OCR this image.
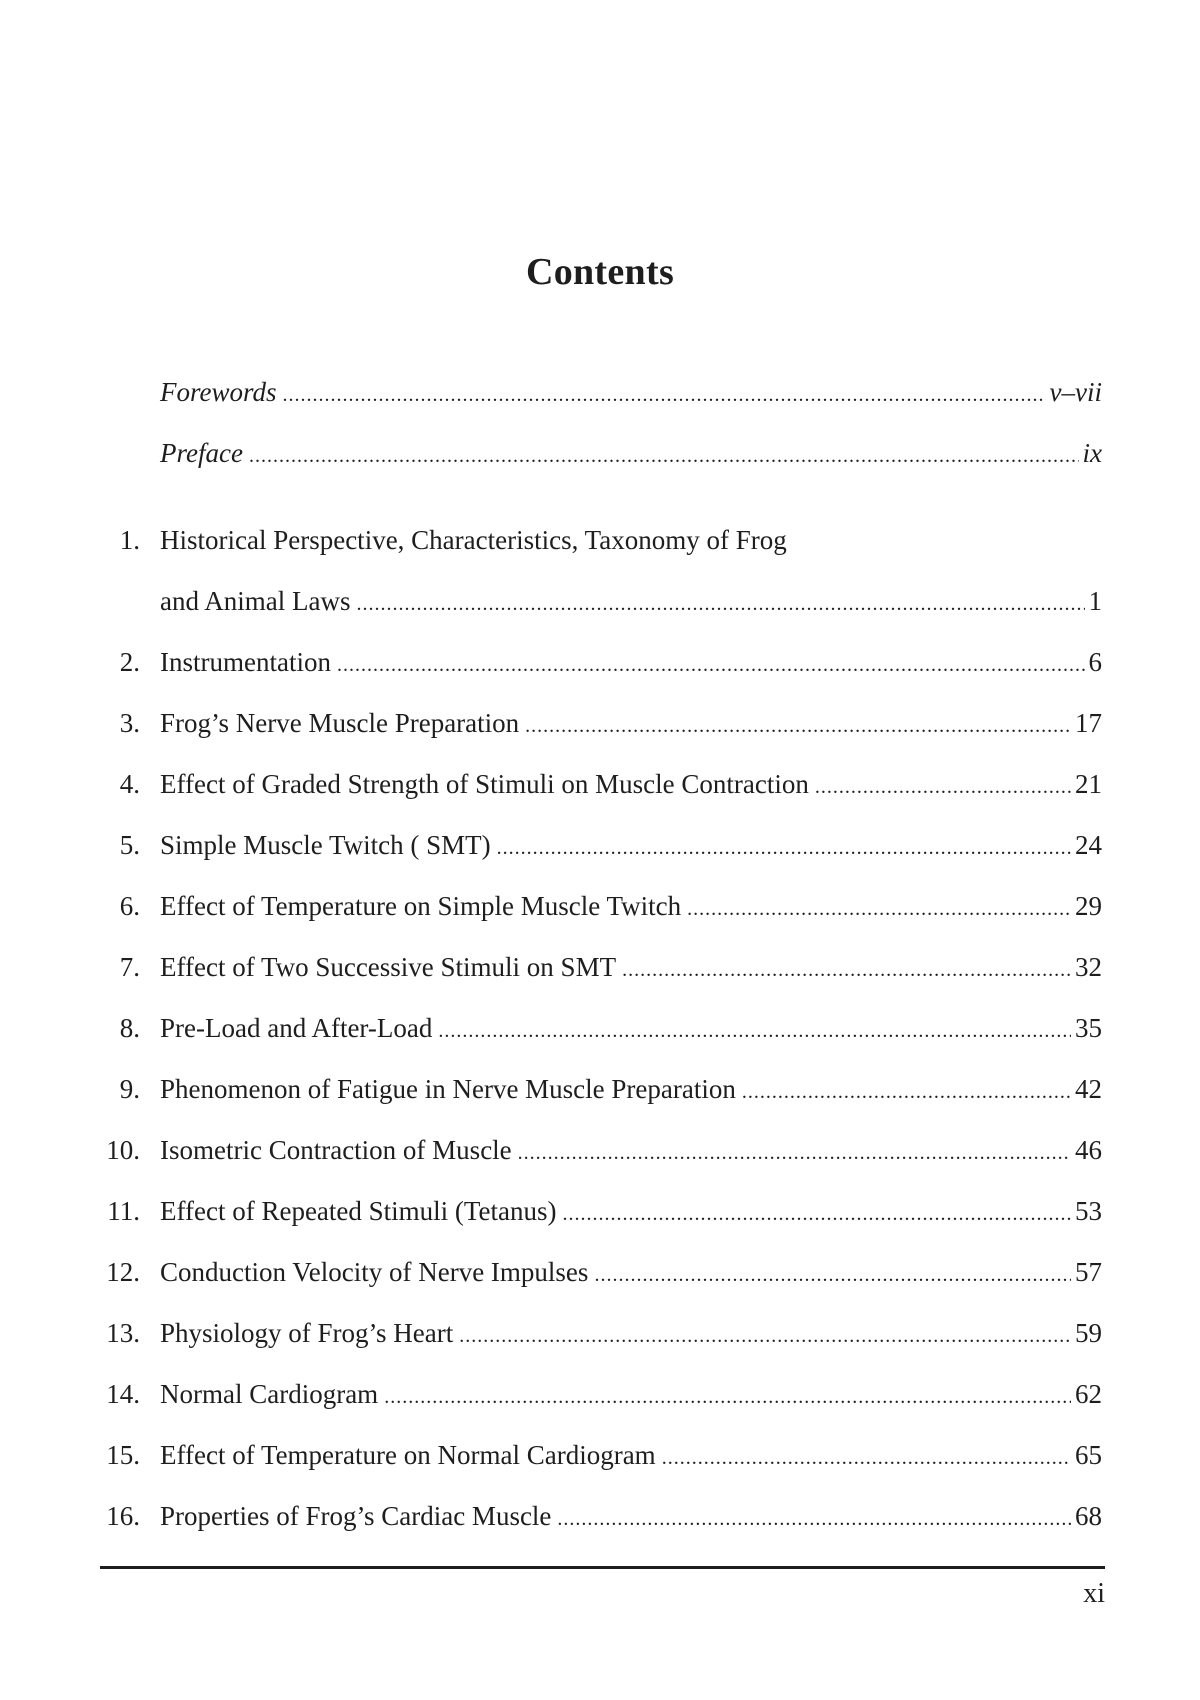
Contents
Forewords .....	v–vii
Preface .....	ix
1. Historical Perspective, Characteristics, Taxonomy of Frog
and Animal Laws .....	1
2. Instrumentation .....	6
3. Frog’s Nerve Muscle Preparation .....	17
4. Effect of Graded Strength of Stimuli on Muscle Contraction .....	21
5. Simple Muscle Twitch ( SMT) .....	24
6. Effect of Temperature on Simple Muscle Twitch .....	29
7. Effect of Two Successive Stimuli on SMT .....	32
8. Pre-Load and After-Load .....	35
9. Phenomenon of Fatigue in Nerve Muscle Preparation .....	42
10. Isometric Contraction of Muscle .....	46
11. Effect of Repeated Stimuli (Tetanus) .....	53
12. Conduction Velocity of Nerve Impulses .....	57
13. Physiology of Frog’s Heart .....	59
14. Normal Cardiogram .....	62
15. Effect of Temperature on Normal Cardiogram .....	65
16. Properties of Frog’s Cardiac Muscle .....	68
xi
